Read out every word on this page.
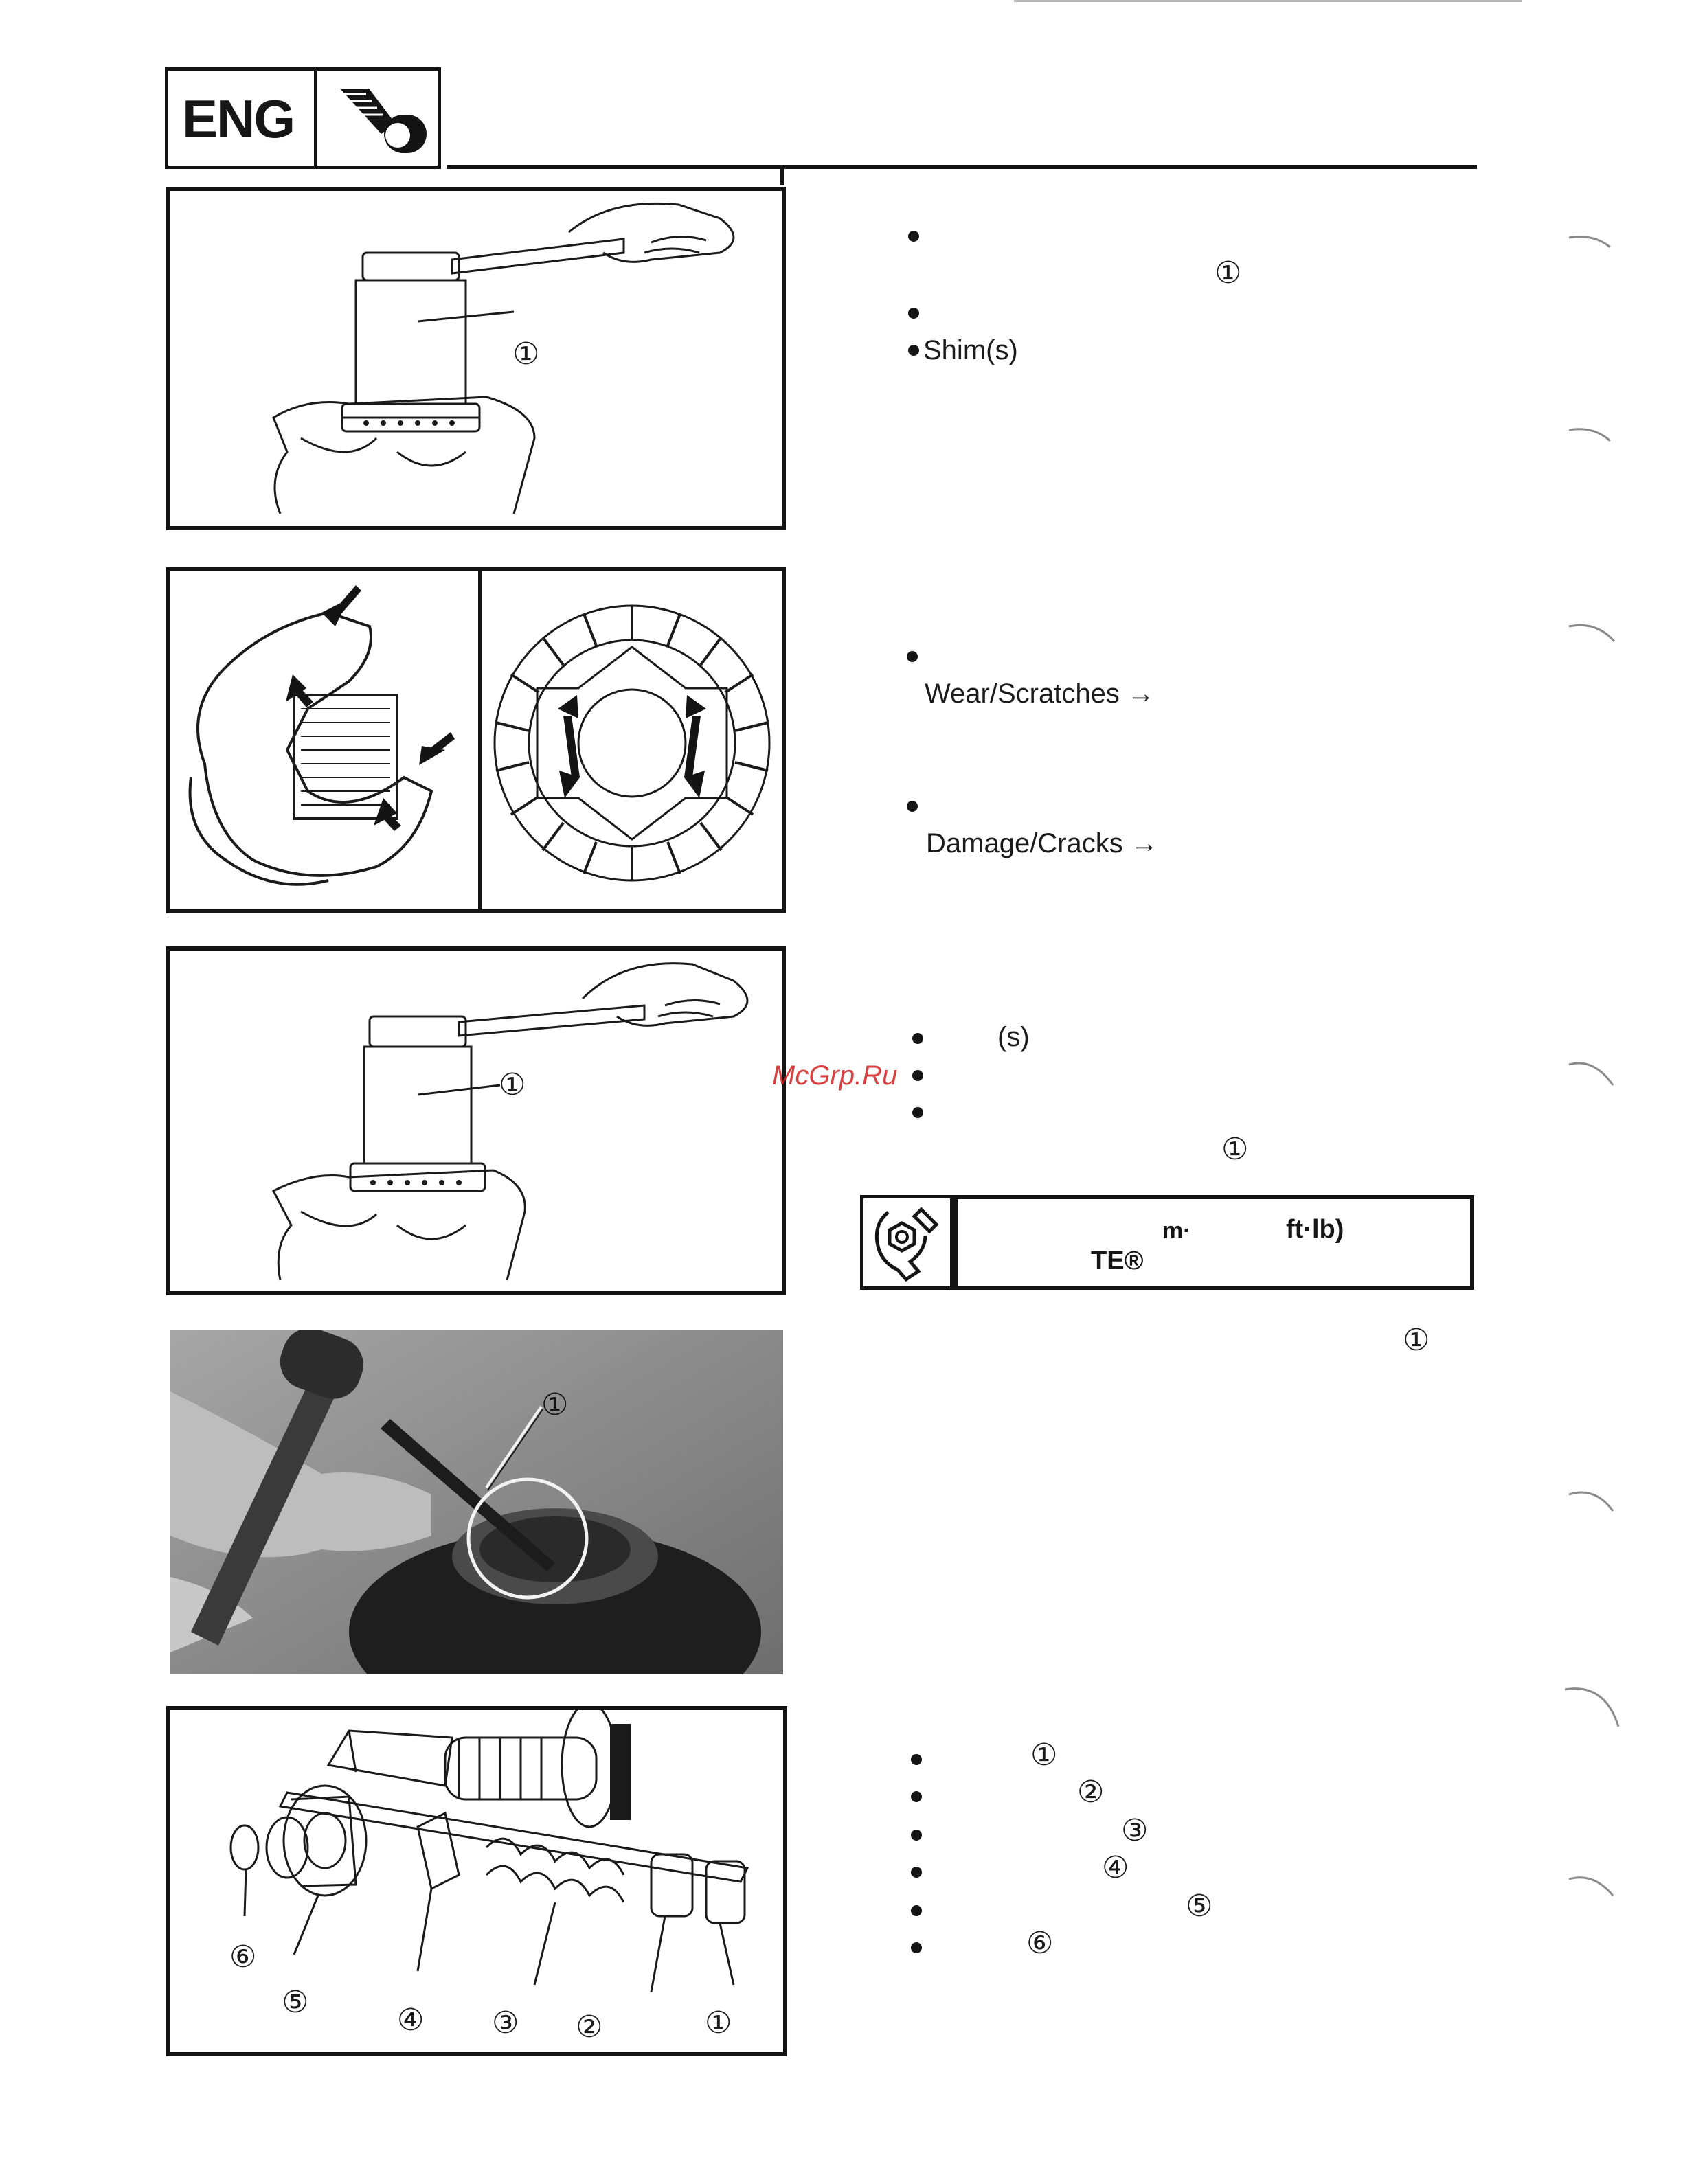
ENG
①
①
①
⑥
⑤
④ ③ ②	①
①
Shim(s)
Wear/Scratches →
Damage/Cracks →
(s)
①
McGrp.Ru
m·	ft·lb)
TE®
①
①
②
③
④
⑤
⑥
